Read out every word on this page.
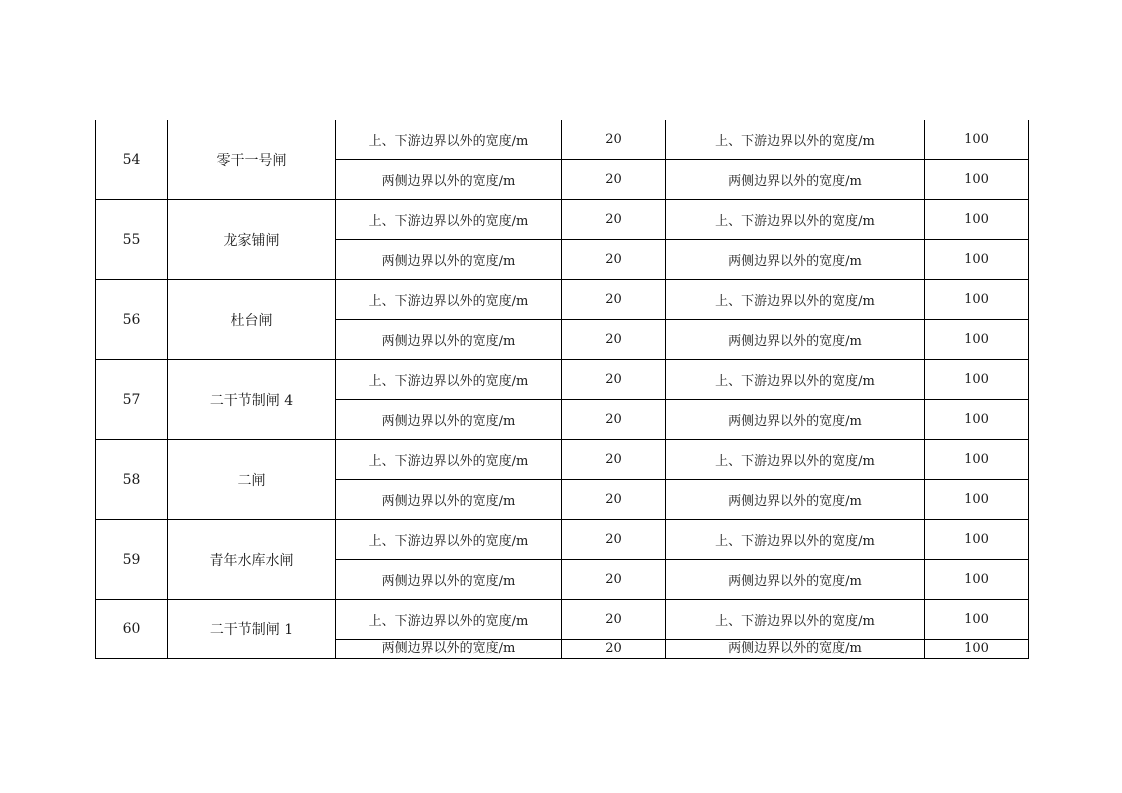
54	零干一号闸	上、下游边界以外的宽度/m	20	上、下游边界以外的宽度/m	100
		两侧边界以外的宽度/m	20	两侧边界以外的宽度/m	100
55	龙家铺闸	上、下游边界以外的宽度/m	20	上、下游边界以外的宽度/m	100
		两侧边界以外的宽度/m	20	两侧边界以外的宽度/m	100
56	杜台闸	上、下游边界以外的宽度/m	20	上、下游边界以外的宽度/m	100
		两侧边界以外的宽度/m	20	两侧边界以外的宽度/m	100
57	二干节制闸 4	上、下游边界以外的宽度/m	20	上、下游边界以外的宽度/m	100
		两侧边界以外的宽度/m	20	两侧边界以外的宽度/m	100
58	二闸	上、下游边界以外的宽度/m	20	上、下游边界以外的宽度/m	100
		两侧边界以外的宽度/m	20	两侧边界以外的宽度/m	100
59	青年水库水闸	上、下游边界以外的宽度/m	20	上、下游边界以外的宽度/m	100
		两侧边界以外的宽度/m	20	两侧边界以外的宽度/m	100
60	二干节制闸 1	上、下游边界以外的宽度/m	20	上、下游边界以外的宽度/m	100
		两侧边界以外的宽度/m	20	两侧边界以外的宽度/m	100
